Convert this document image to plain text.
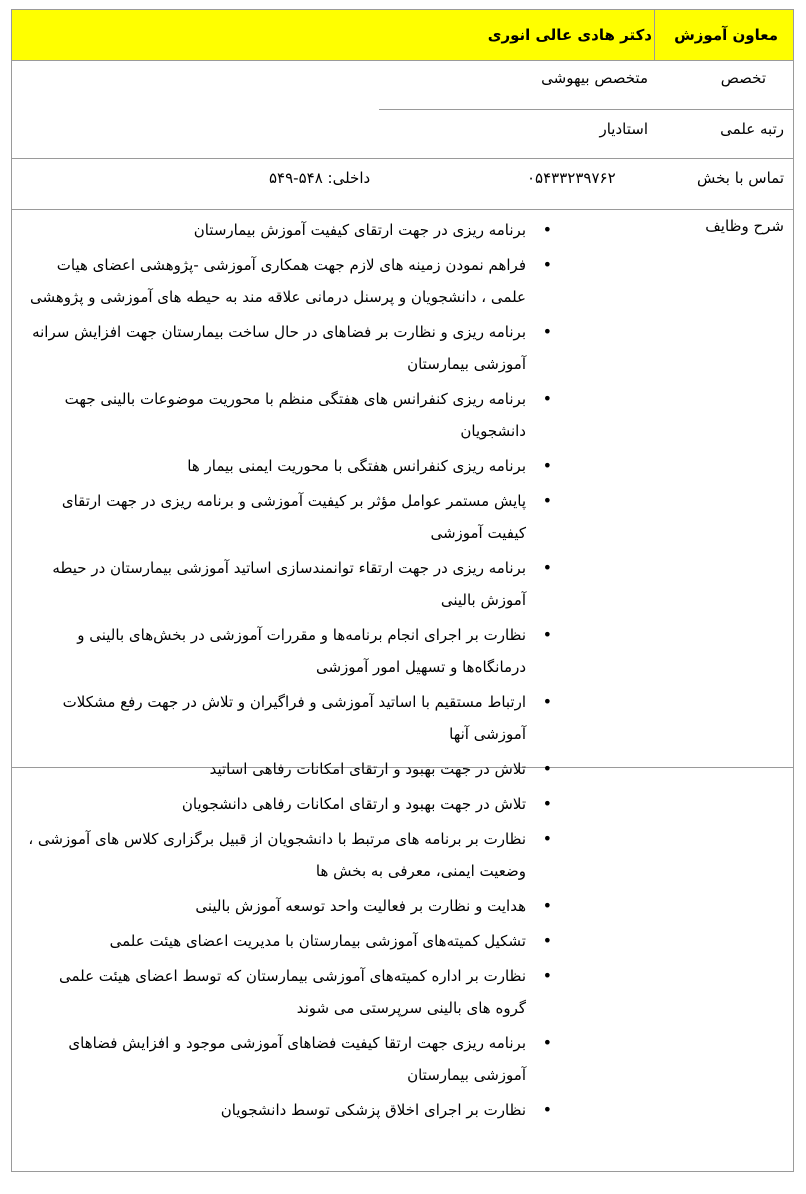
معاون آموزش
دکتر هادی عالی انوری
تخصص
متخصص بیهوشی
رتبه علمی
استادیار
تماس با بخش
۰۵۴۳۳۲۳۹۷۶۲
داخلی: ۵۴۸-۵۴۹
شرح وظایف
• برنامه ریزی در جهت ارتقای کیفیت آموزش بیمارستان
• فراهم نمودن زمینه های لازم جهت همکاری آموزشی -پژوهشی اعضای هیات علمی ، دانشجویان و پرسنل درمانی علاقه مند به حیطه های آموزشی و پژوهشی
• برنامه ریزی و نظارت بر فضاهای در حال ساخت بیمارستان جهت افزایش سرانه آموزشی بیمارستان
• برنامه ریزی کنفرانس های هفتگی منظم با محوریت موضوعات بالینی جهت دانشجویان
• برنامه ریزی کنفرانس هفتگی با محوریت ایمنی بیمار ها
• پایش مستمر عوامل مؤثر بر کیفیت آموزشی و برنامه ریزی در جهت ارتقای کیفیت آموزشی
• برنامه ریزی در جهت ارتقاء توانمندسازی اساتید آموزشی بیمارستان در حیطه آموزش بالینی
• نظارت بر اجرای انجام برنامه‌ها و مقررات آموزشی در بخش‌های بالینی و درمانگاه‌ها و تسهیل امور آموزشی
• ارتباط مستقیم با اساتید آموزشی و فراگیران و تلاش در جهت رفع مشکلات آموزشی آنها
• تلاش در جهت بهبود و ارتقای امکانات رفاهی اساتید
• تلاش در جهت بهبود و ارتقای امکانات رفاهی دانشجویان
• نظارت بر برنامه های مرتبط با دانشجویان از قبیل برگزاری کلاس های آموزشی ، وضعیت ایمنی، معرفی به بخش ها
• هدایت و نظارت بر فعالیت واحد توسعه آموزش بالینی
• تشکیل کمیته‌های آموزشی بیمارستان با مدیریت اعضای هیئت علمی
• نظارت بر اداره کمیته‌های آموزشی بیمارستان که توسط اعضای هیئت علمی گروه های بالینی سرپرستی می شوند
• برنامه ریزی جهت ارتقا کیفیت فضاهای آموزشی موجود و افزایش فضاهای آموزشی بیمارستان
• نظارت بر اجرای اخلاق پزشکی توسط دانشجویان
